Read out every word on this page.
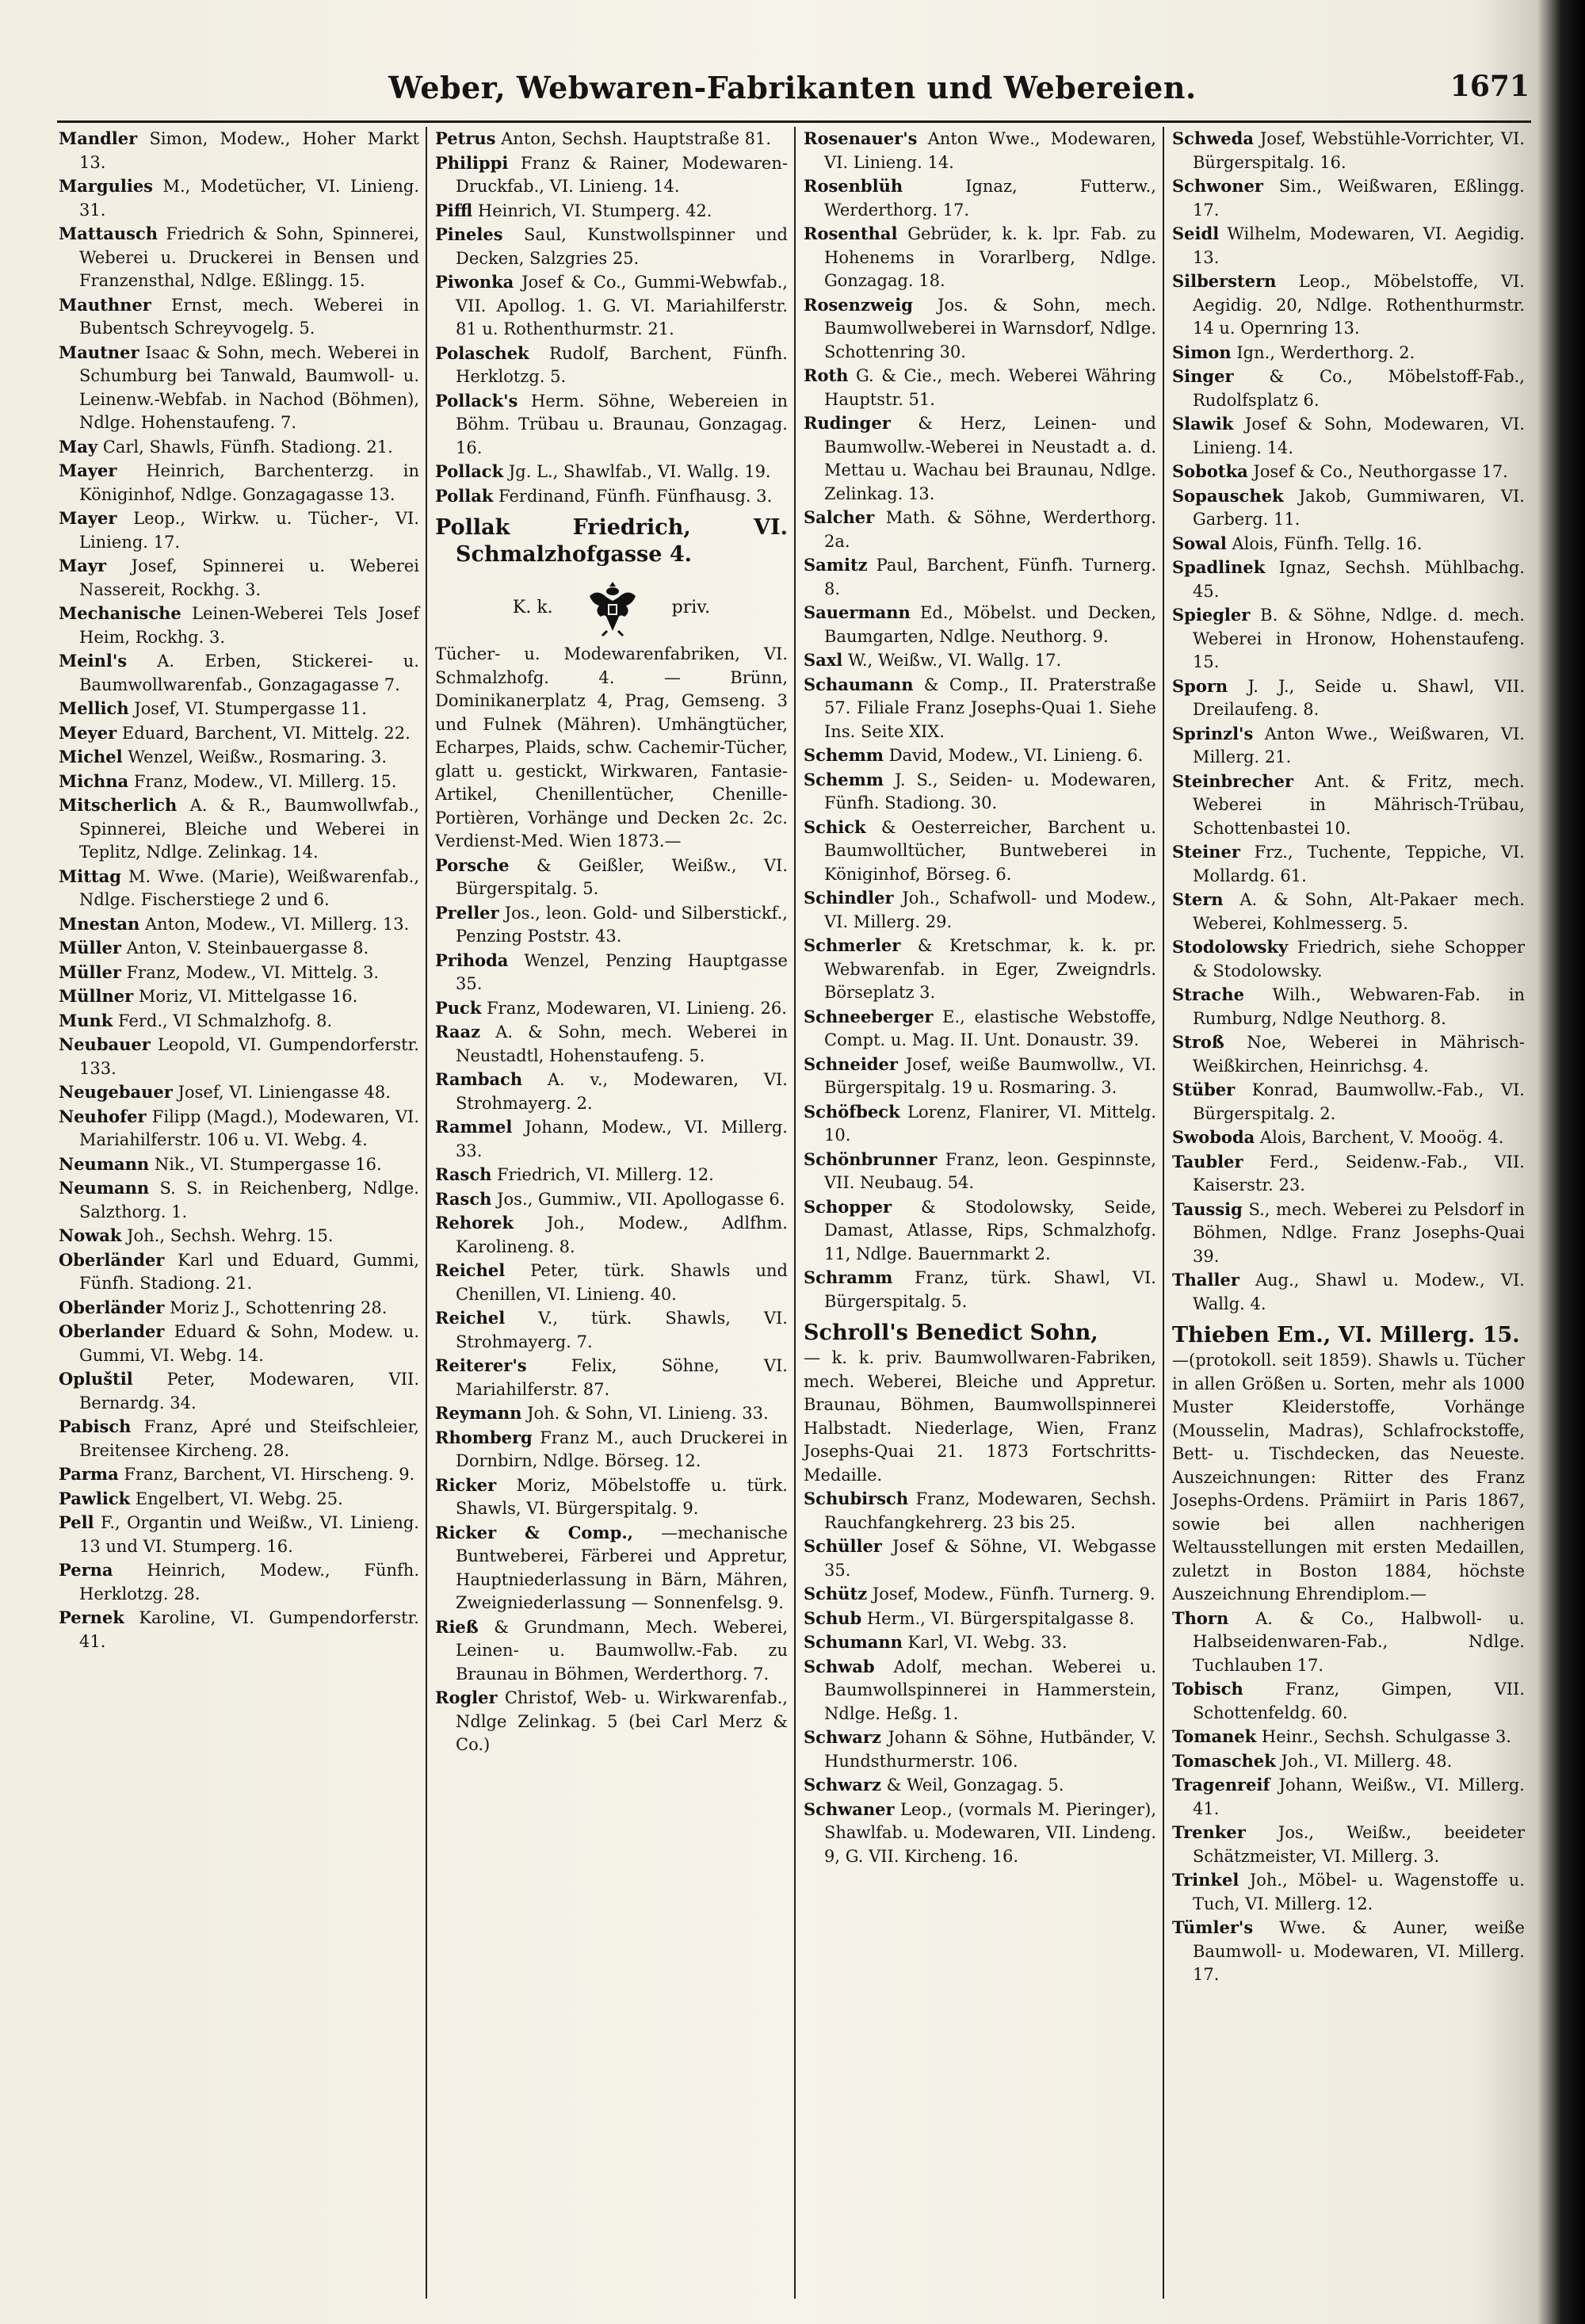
Weber, Webwaren-Fabrikanten und Webereien.	1671
Mandler Simon, Modew., Hoher Markt 13.
Margulies M., Modetücher, VI. Linieng. 31.
Mattausch Friedrich & Sohn, Spinnerei, Weberei u. Druckerei in Bensen und Franzensthal, Ndlge. Eßlingg. 15.
Mauthner Ernst, mech. Weberei in Bubentsch Schreyvogelg. 5.
Mautner Isaac & Sohn, mech. Weberei in Schumburg bei Tanwald, Baumwoll- u. Leinenw.-Webfab. in Nachod (Böhmen), Ndlge. Hohenstaufeng. 7.
May Carl, Shawls, Fünfh. Stadiong. 21.
Mayer Heinrich, Barchenterzg. in Königinhof, Ndlge. Gonzagagasse 13.
Mayer Leop., Wirkw. u. Tücher-, VI. Linieng. 17.
Mayr Josef, Spinnerei u. Weberei Nassereit, Rockhg. 3.
Mechanische Leinen-Weberei Tels Josef Heim, Rockhg. 3.
Meinl's A. Erben, Stickerei- u. Baumwollwarenfab., Gonzagagasse 7.
Mellich Josef, VI. Stumpergasse 11.
Meyer Eduard, Barchent, VI. Mittelg. 22.
Michel Wenzel, Weißw., Rosmaring. 3.
Michna Franz, Modew., VI. Millerg. 15.
Mitscherlich A. & R., Baumwollwfab., Spinnerei, Bleiche und Weberei in Teplitz, Ndlge. Zelinkag. 14.
Mittag M. Wwe. (Marie), Weißwarenfab., Ndlge. Fischerstiege 2 und 6.
Mnestan Anton, Modew., VI. Millerg. 13.
Müller Anton, V. Steinbauergasse 8.
Müller Franz, Modew., VI. Mittelg. 3.
Müllner Moriz, VI. Mittelgasse 16.
Munk Ferd., VI Schmalzhofg. 8.
Neubauer Leopold, VI. Gumpendorferstr. 133.
Neugebauer Josef, VI. Liniengasse 48.
Neuhofer Filipp (Magd.), Modewaren, VI. Mariahilferstr. 106 u. VI. Webg. 4.
Neumann Nik., VI. Stumpergasse 16.
Neumann S. S. in Reichenberg, Ndlge. Salzthorg. 1.
Nowak Joh., Sechsh. Wehrg. 15.
Oberländer Karl und Eduard, Gummi, Fünfh. Stadiong. 21.
Oberländer Moriz J., Schottenring 28.
Oberlander Eduard & Sohn, Modew. u. Gummi, VI. Webg. 14.
Opluštil Peter, Modewaren, VII. Bernardg. 34.
Pabisch Franz, Apré und Steifschleier, Breitensee Kircheng. 28.
Parma Franz, Barchent, VI. Hirscheng. 9.
Pawlick Engelbert, VI. Webg. 25.
Pell F., Organtin und Weißw., VI. Linieng. 13 und VI. Stumperg. 16.
Perna Heinrich, Modew., Fünfh. Herklotzg. 28.
Pernek Karoline, VI. Gumpendorferstr. 41.
Petrus Anton, Sechsh. Hauptstraße 81.
Philippi Franz & Rainer, Modewaren-Druckfab., VI. Linieng. 14.
Piffl Heinrich, VI. Stumperg. 42.
Pineles Saul, Kunstwollspinner und Decken, Salzgries 25.
Piwonka Josef & Co., Gummi-Webwfab., VII. Apollog. 1. G. VI. Mariahilferstr. 81 u. Rothenthurmstr. 21.
Polaschek Rudolf, Barchent, Fünfh. Herklotzg. 5.
Pollack's Herm. Söhne, Webereien in Böhm. Trübau u. Braunau, Gonzagag. 16.
Pollack Jg. L., Shawlfab., VI. Wallg. 19.
Pollak Ferdinand, Fünfh. Fünfhausg. 3.
Pollak	Friedrich, VI. Schmalzhofgasse 4.
K. k.	priv.

Tücher- u. Modewarenfabriken, VI. Schmalzhofg. 4. — Brünn, Dominikanerplatz 4, Prag, Gemseng. 3 und Fulnek (Mähren). Umhängtücher, Echarpes, Plaids, schw. Cachemir-Tücher, glatt u. gestickt, Wirkwaren, Fantasie-Artikel, Chenillentücher, Chenille-Portièren, Vorhänge und Decken 2c. 2c. Verdienst-Med. Wien 1873.—

Porsche & Geißler, Weißw., VI. Bürgerspitalg. 5.
Preller Jos., leon. Gold- und Silberstickf., Penzing Poststr. 43.
Prihoda Wenzel, Penzing Hauptgasse 35.
Puck Franz, Modewaren, VI. Linieng. 26.
Raaz A. & Sohn, mech. Weberei in Neustadtl, Hohenstaufeng. 5.
Rambach A. v., Modewaren, VI. Strohmayerg. 2.
Rammel Johann, Modew., VI. Millerg. 33.
Rasch Friedrich, VI. Millerg. 12.
Rasch Jos., Gummiw., VII. Apollogasse 6.
Rehorek Joh., Modew., Adlfhm. Karolineng. 8.
Reichel Peter, türk. Shawls und Chenillen, VI. Linieng. 40.
Reichel V., türk. Shawls, VI. Strohmayerg. 7.
Reiterer's	Felix, Söhne, VI. Mariahilferstr. 87.
Reymann Joh. & Sohn, VI. Linieng. 33.
Rhomberg Franz M., auch Druckerei in Dornbirn, Ndlge. Börseg. 12.
Ricker Moriz, Möbelstoffe u. türk. Shawls, VI. Bürgerspitalg. 9.
Ricker & Comp., —mechanische Buntweberei, Färberei und Appretur, Hauptniederlassung in Bärn, Mähren, Zweigniederlassung — Sonnenfelsg. 9.
Rieß & Grundmann, Mech. Weberei, Leinen- u. Baumwollw.-Fab. zu Braunau in Böhmen, Werderthorg. 7.
Rogler Christof, Web- u. Wirkwarenfab., Ndlge Zelinkag. 5 (bei Carl Merz & Co.)
Rosenauer's Anton Wwe., Modewaren, VI. Linieng. 14.
Rosenblüh	Ignaz, Futterw., Werderthorg. 17.
Rosenthal Gebrüder, k. k. lpr. Fab. zu Hohenems in Vorarlberg, Ndlge. Gonzagag. 18.
Rosenzweig Jos. & Sohn, mech. Baumwollweberei in Warnsdorf, Ndlge. Schottenring 30.
Roth G. & Cie., mech. Weberei Währing Hauptstr. 51.
Rudinger & Herz, Leinen- und Baumwollw.-Weberei in Neustadt a. d. Mettau u. Wachau bei Braunau, Ndlge. Zelinkag. 13.
Salcher Math. & Söhne, Werderthorg. 2a.
Samitz Paul, Barchent, Fünfh. Turnerg. 8.
Sauermann Ed., Möbelst. und Decken, Baumgarten, Ndlge. Neuthorg. 9.
Saxl W., Weißw., VI. Wallg. 17.
Schaumann & Comp., II. Praterstraße 57. Filiale Franz Josephs-Quai 1. Siehe Ins. Seite XIX.
Schemm David, Modew., VI. Linieng. 6.
Schemm J. S., Seiden- u. Modewaren, Fünfh. Stadiong. 30.
Schick & Oesterreicher, Barchent u. Baumwolltücher, Buntweberei in Königinhof, Börseg. 6.
Schindler Joh., Schafwoll- und Modew., VI. Millerg. 29.
Schmerler & Kretschmar, k. k. pr. Webwarenfab. in Eger, Zweigndrls. Börseplatz 3.
Schneeberger E., elastische Webstoffe, Compt. u. Mag. II. Unt. Donaustr. 39.
Schneider Josef, weiße Baumwollw., VI. Bürgerspitalg. 19 u. Rosmaring. 3.
Schöfbeck Lorenz, Flanirer, VI. Mittelg. 10.
Schönbrunner Franz, leon. Gespinnste, VII. Neubaug. 54.
Schopper & Stodolowsky, Seide, Damast, Atlasse, Rips, Schmalzhofg. 11, Ndlge. Bauernmarkt 2.
Schramm Franz, türk. Shawl, VI. Bürgerspitalg. 5.
Schroll's Benedict Sohn,

— k. k. priv. Baumwollwaren-Fabriken, mech. Weberei, Bleiche und Appretur. Braunau, Böhmen, Baumwollspinnerei Halbstadt. Niederlage, Wien, Franz Josephs-Quai 21. 1873 Fortschritts-Medaille.

Schubirsch Franz, Modewaren, Sechsh. Rauchfangkehrerg. 23 bis 25.
Schüller Josef & Söhne, VI. Webgasse 35.
Schütz Josef, Modew., Fünfh. Turnerg. 9.
Schub Herm., VI. Bürgerspitalgasse 8.
Schumann Karl, VI. Webg. 33.
Schwab Adolf, mechan. Weberei u. Baumwollspinnerei in Hammerstein, Ndlge. Heßg. 1.
Schwarz Johann & Söhne, Hutbänder, V. Hundsthurmerstr. 106.
Schwarz & Weil, Gonzagag. 5.
Schwaner Leop., (vormals M. Pieringer), Shawlfab. u. Modewaren, VII. Lindeng. 9, G. VII. Kircheng. 16.
Schweda Josef, Webstühle-Vorrichter, VI. Bürgerspitalg. 16.
Schwoner Sim., Weißwaren, Eßlingg. 17.
Seidl Wilhelm, Modewaren, VI. Aegidig. 13.
Silberstern Leop., Möbelstoffe, VI. Aegidig. 20, Ndlge. Rothenthurmstr. 14 u. Opernring 13.
Simon Ign., Werderthorg. 2.
Singer & Co., Möbelstoff-Fab., Rudolfsplatz 6.
Slawik Josef & Sohn, Modewaren, VI. Linieng. 14.
Sobotka Josef & Co., Neuthorgasse 17.
Sopauschek Jakob, Gummiwaren, VI. Garberg. 11.
Sowal Alois, Fünfh. Tellg. 16.
Spadlinek Ignaz, Sechsh. Mühlbachg. 45.
Spiegler B. & Söhne, Ndlge. d. mech. Weberei in Hronow, Hohenstaufeng. 15.
Sporn J. J., Seide u. Shawl, VII. Dreilaufeng. 8.
Sprinzl's Anton Wwe., Weißwaren, VI. Millerg. 21.
Steinbrecher Ant. & Fritz, mech. Weberei in Mährisch-Trübau, Schottenbastei 10.
Steiner Frz., Tuchente, Teppiche, VI. Mollardg. 61.
Stern A. & Sohn, Alt-Pakaer mech. Weberei, Kohlmesserg. 5.
Stodolowsky Friedrich, siehe Schopper & Stodolowsky.
Strache Wilh., Webwaren-Fab. in Rumburg, Ndlge Neuthorg. 8.
Stroß Noe, Weberei in Mährisch-Weißkirchen, Heinrichsg. 4.
Stüber Konrad, Baumwollw.-Fab., VI. Bürgerspitalg. 2.
Swoboda Alois, Barchent, V. Mooög. 4.
Taubler Ferd., Seidenw.-Fab., VII. Kaiserstr. 23.
Taussig S., mech. Weberei zu Pelsdorf in Böhmen, Ndlge. Franz Josephs-Quai 39.
Thaller Aug., Shawl u. Modew., VI. Wallg. 4.
Thieben Em., VI. Millerg. 15.

—(protokoll. seit 1859). Shawls u. Tücher in allen Größen u. Sorten, mehr als 1000 Muster Kleiderstoffe, Vorhänge (Mousselin, Madras), Schlafrockstoffe, Bett- u. Tischdecken, das Neueste. Auszeichnungen: Ritter des Franz Josephs-Ordens. Prämiirt in Paris 1867, sowie bei allen nachherigen Weltausstellungen mit ersten Medaillen, zuletzt in Boston 1884, höchste Auszeichnung Ehrendiplom.—

Thorn A. & Co., Halbwoll- u. Halbseidenwaren-Fab., Ndlge. Tuchlauben 17.
Tobisch	Franz, Gimpen, VII. Schottenfeldg. 60.
Tomanek Heinr., Sechsh. Schulgasse 3.
Tomaschek Joh., VI. Millerg. 48.
Tragenreif Johann, Weißw., VI. Millerg. 41.
Trenker Jos., Weißw., beeideter Schätzmeister, VI. Millerg. 3.
Trinkel Joh., Möbel- u. Wagenstoffe u. Tuch, VI. Millerg. 12.
Tümler's Wwe. & Auner, weiße Baumwoll- u. Modewaren, VI. Millerg. 17.
